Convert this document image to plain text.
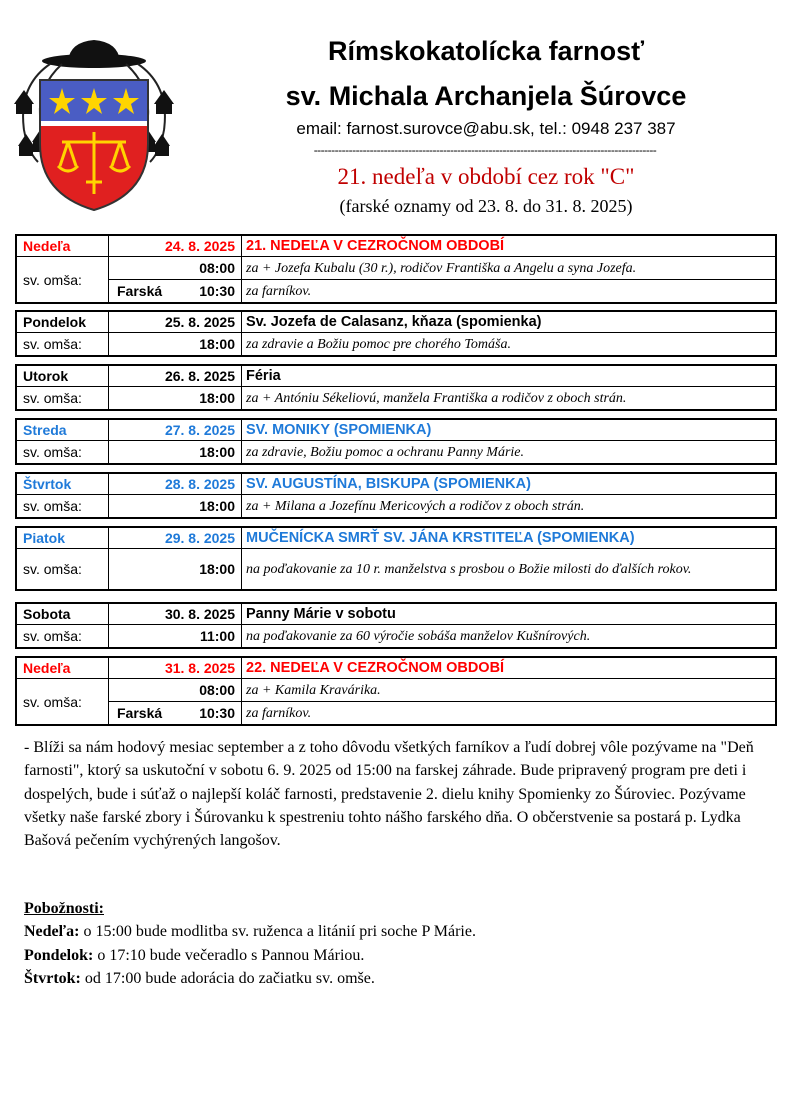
Rímskokatolícka farnosť
sv. Michala Archanjela Šúrovce
email: farnost.surovce@abu.sk, tel.: 0948 237 387
--------------------------------------------------------------------------------------------------
21. nedeľa v období cez rok "C"
(farské oznamy od 23. 8. do 31. 8. 2025)
Nedeľa	24. 8. 2025 21. NEDEĽA V CEZROČNOM OBDOBÍ
sv. omša:
08:00 za + Jozefa Kubalu (30 r.), rodičov Františka a Angelu a syna Jozefa.
Farská	10:30 za farníkov.
Pondelok	25. 8. 2025 Sv. Jozefa de Calasanz, kňaza (spomienka)
sv. omša:	18:00 za zdravie a Božiu pomoc pre chorého Tomáša.
Utorok	26. 8. 2025 Féria
sv. omša:	18:00 za + Antóniu Sékeliovú, manžela Františka a rodičov z oboch strán.
Streda	27. 8. 2025 SV. MONIKY (SPOMIENKA)
sv. omša:	18:00 za zdravie, Božiu pomoc a ochranu Panny Márie.
Štvrtok	28. 8. 2025 SV. AUGUSTÍNA, BISKUPA (SPOMIENKA)
sv. omša:	18:00 za + Milana a Jozefínu Mericových a rodičov z oboch strán.
Piatok	29. 8. 2025 MUČENÍCKA SMRŤ SV. JÁNA KRSTITEĽA (SPOMIENKA)
sv. omša:	18:00 na poďakovanie za 10 r. manželstva s prosbou o Božie milosti do ďalších rokov.
Sobota	30. 8. 2025 Panny Márie v sobotu
sv. omša:	11:00 na poďakovanie za 60 výročie sobáša manželov Kušnírových.
Nedeľa	31. 8. 2025 22. NEDEĽA V CEZROČNOM OBDOBÍ
sv. omša:
08:00 za + Kamila Kravárika.
Farská	10:30 za farníkov.
- Blíži sa nám hodový mesiac september a z toho dôvodu všetkých farníkov a ľudí dobrej vôle pozývame na "Deň farnosti", ktorý sa uskutoční v sobotu 6. 9. 2025 od 15:00 na farskej záhrade. Bude pripravený program pre deti i dospelých, bude i súťaž o najlepší koláč farnosti, predstavenie 2. dielu knihy Spomienky zo Šúroviec. Pozývame všetky naše farské zbory i Šúrovanku k spestreniu tohto nášho farského dňa. O občerstvenie sa postará p. Lydka Bašová pečením vychýrených langošov.
Pobožnosti:
Nedeľa: o 15:00 bude modlitba sv. ruženca a litánií pri soche P Márie.
Pondelok: o 17:10 bude večeradlo s Pannou Máriou.
Štvrtok: od 17:00 bude adorácia do začiatku sv. omše.
